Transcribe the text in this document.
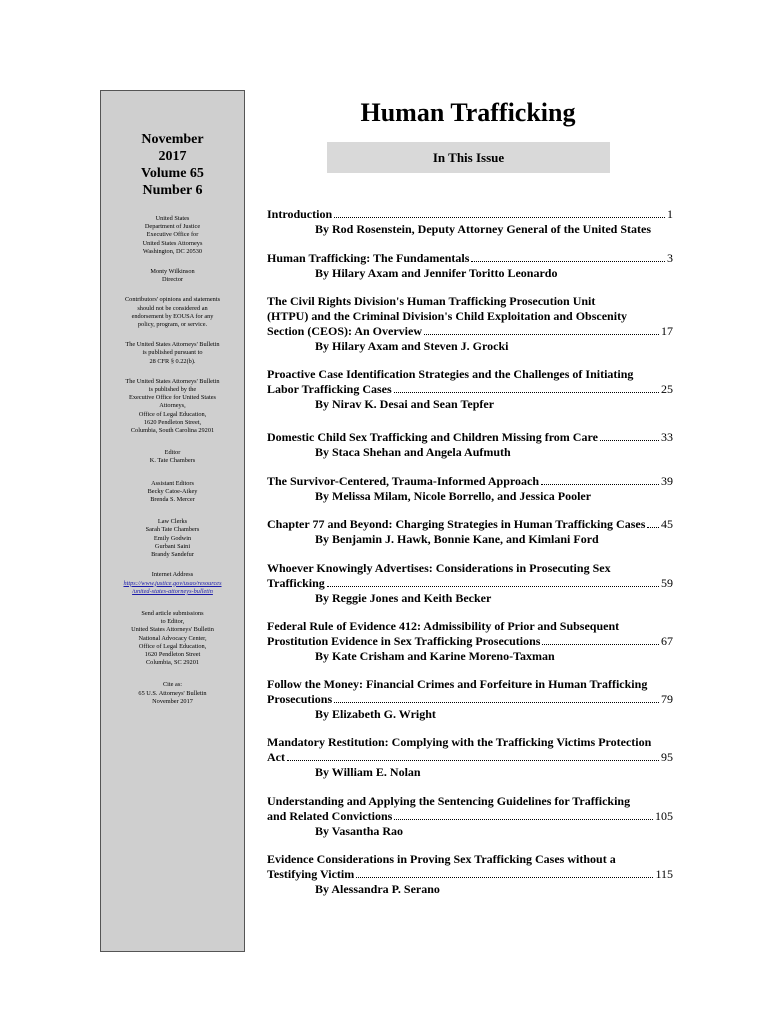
November
2017
Volume 65
Number 6
United States
Department of Justice
Executive Office for
United States Attorneys
Washington, DC 20530
Monty Wilkinson
Director
Contributors' opinions and statements
should not be considered an
endorsement by EOUSA for any
policy, program, or service.
The United States Attorneys' Bulletin
is published pursuant to
28 CFR § 0.22(b).
The United States Attorneys' Bulletin
is published by the
Executive Office for United States
Attorneys,
Office of Legal Education,
1620 Pendleton Street,
Columbia, South Carolina 29201
Editor
K. Tate Chambers
Assistant Editors
Becky Catoe-Aikey
Brenda S. Mercer
Law Clerks
Sarah Tate Chambers
Emily Godwin
Gurbani Saini
Brandy Sandefur
Internet Address
https://www.justice.gov/usao/resources
/united-states-attorneys-bulletin
Send article submissions
to Editor,
United States Attorneys' Bulletin
National Advocacy Center,
Office of Legal Education,
1620 Pendleton Street
Columbia, SC 29201
Cite as:
65 U.S. Attorneys' Bulletin
November 2017
Human Trafficking
In This Issue
Introduction	1
By Rod Rosenstein, Deputy Attorney General of the United States
Human Trafficking: The Fundamentals	3
By Hilary Axam and Jennifer Toritto Leonardo
The Civil Rights Division's Human Trafficking Prosecution Unit
(HTPU) and the Criminal Division's Child Exploitation and Obscenity
Section (CEOS): An Overview	17
By Hilary Axam and Steven J. Grocki
Proactive Case Identification Strategies and the Challenges of Initiating
Labor Trafficking Cases	25
By Nirav K. Desai and Sean Tepfer
Domestic Child Sex Trafficking and Children Missing from Care	33
By Staca Shehan and Angela Aufmuth
The Survivor-Centered, Trauma-Informed Approach	39
By Melissa Milam, Nicole Borrello, and Jessica Pooler
Chapter 77 and Beyond: Charging Strategies in Human Trafficking Cases 45
By Benjamin J. Hawk, Bonnie Kane, and Kimlani Ford
Whoever Knowingly Advertises: Considerations in Prosecuting Sex
Trafficking	59
By Reggie Jones and Keith Becker
Federal Rule of Evidence 412: Admissibility of Prior and Subsequent
Prostitution Evidence in Sex Trafficking Prosecutions	67
By Kate Crisham and Karine Moreno-Taxman
Follow the Money: Financial Crimes and Forfeiture in Human Trafficking
Prosecutions	79
By Elizabeth G. Wright
Mandatory Restitution: Complying with the Trafficking Victims Protection
Act	95
By William E. Nolan
Understanding and Applying the Sentencing Guidelines for Trafficking
and Related Convictions	105
By Vasantha Rao
Evidence Considerations in Proving Sex Trafficking Cases without a
Testifying Victim	115
By Alessandra P. Serano
